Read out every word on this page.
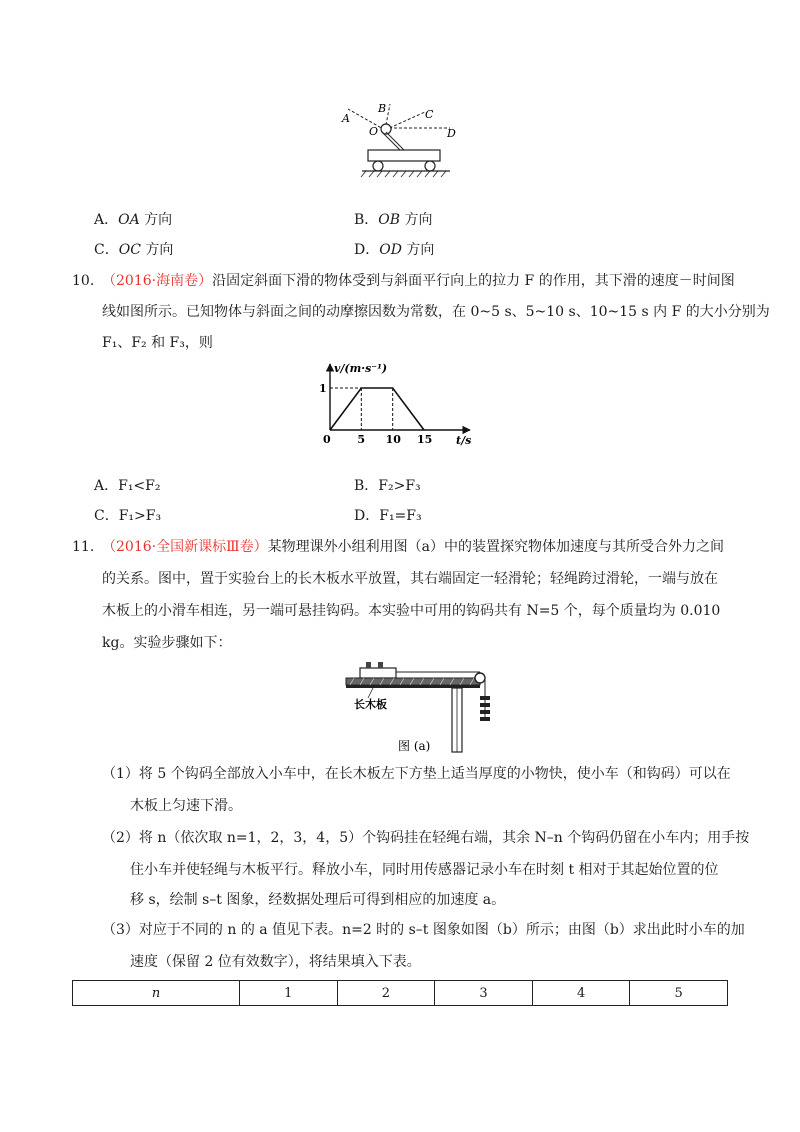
A
B	C
O	D
A．OA 方向	B．OB 方向
C．OC 方向	D．OD 方向
10. （2016·海南卷）沿固定斜面下滑的物体受到与斜面平行向上的拉力 F 的作用，其下滑的速度－时间图
线如图所示。已知物体与斜面之间的动摩擦因数为常数，在 0~5 s、5~10 s、10~15 s 内 F 的大小分别为
F₁、F₂ 和 F₃，则
0 5 10 15
1
v/(m·s⁻¹)
t/s
A．F₁<F₂	B．F₂>F₃
C．F₁>F₃	D．F₁=F₃
11. （2016·全国新课标Ⅲ卷）某物理课外小组利用图（a）中的装置探究物体加速度与其所受合外力之间
的关系。图中，置于实验台上的长木板水平放置，其右端固定一轻滑轮；轻绳跨过滑轮，一端与放在
木板上的小滑车相连，另一端可悬挂钩码。本实验中可用的钩码共有 N=5 个，每个质量均为 0.010
kg。实验步骤如下：
长木板
图 (a)
（1）将 5 个钩码全部放入小车中，在长木板左下方垫上适当厚度的小物快，使小车（和钩码）可以在
木板上匀速下滑。
（2）将 n（依次取 n=1，2，3，4，5）个钩码挂在轻绳右端，其余 N–n 个钩码仍留在小车内；用手按
住小车并使轻绳与木板平行。释放小车，同时用传感器记录小车在时刻 t 相对于其起始位置的位
移 s，绘制 s–t 图象，经数据处理后可得到相应的加速度 a。
（3）对应于不同的 n 的 a 值见下表。n=2 时的 s–t 图象如图（b）所示；由图（b）求出此时小车的加
速度（保留 2 位有效数字），将结果填入下表。
n	1	2	3	4	5
